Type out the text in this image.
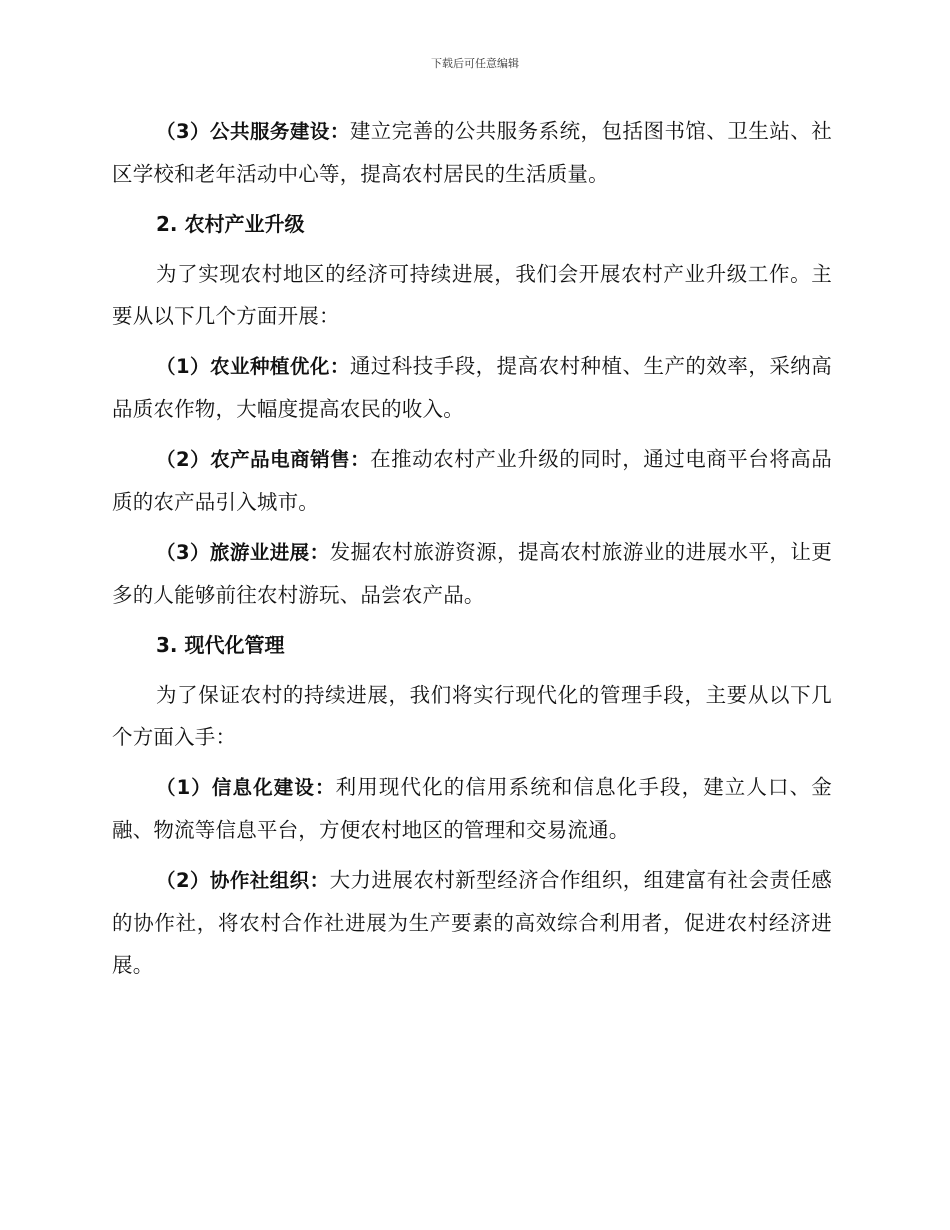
下载后可任意编辑

（3）公共服务建设：建立完善的公共服务系统，包括图书馆、卫生站、社区学校和老年活动中心等，提高农村居民的生活质量。

2. 农村产业升级

为了实现农村地区的经济可持续进展，我们会开展农村产业升级工作。主要从以下几个方面开展：

（1）农业种植优化：通过科技手段，提高农村种植、生产的效率，采纳高品质农作物，大幅度提高农民的收入。

（2）农产品电商销售：在推动农村产业升级的同时，通过电商平台将高品质的农产品引入城市。

（3）旅游业进展：发掘农村旅游资源，提高农村旅游业的进展水平，让更多的人能够前往农村游玩、品尝农产品。

3. 现代化管理

为了保证农村的持续进展，我们将实行现代化的管理手段，主要从以下几个方面入手：

（1）信息化建设：利用现代化的信用系统和信息化手段，建立人口、金融、物流等信息平台，方便农村地区的管理和交易流通。

（2）协作社组织：大力进展农村新型经济合作组织，组建富有社会责任感的协作社，将农村合作社进展为生产要素的高效综合利用者，促进农村经济进展。
